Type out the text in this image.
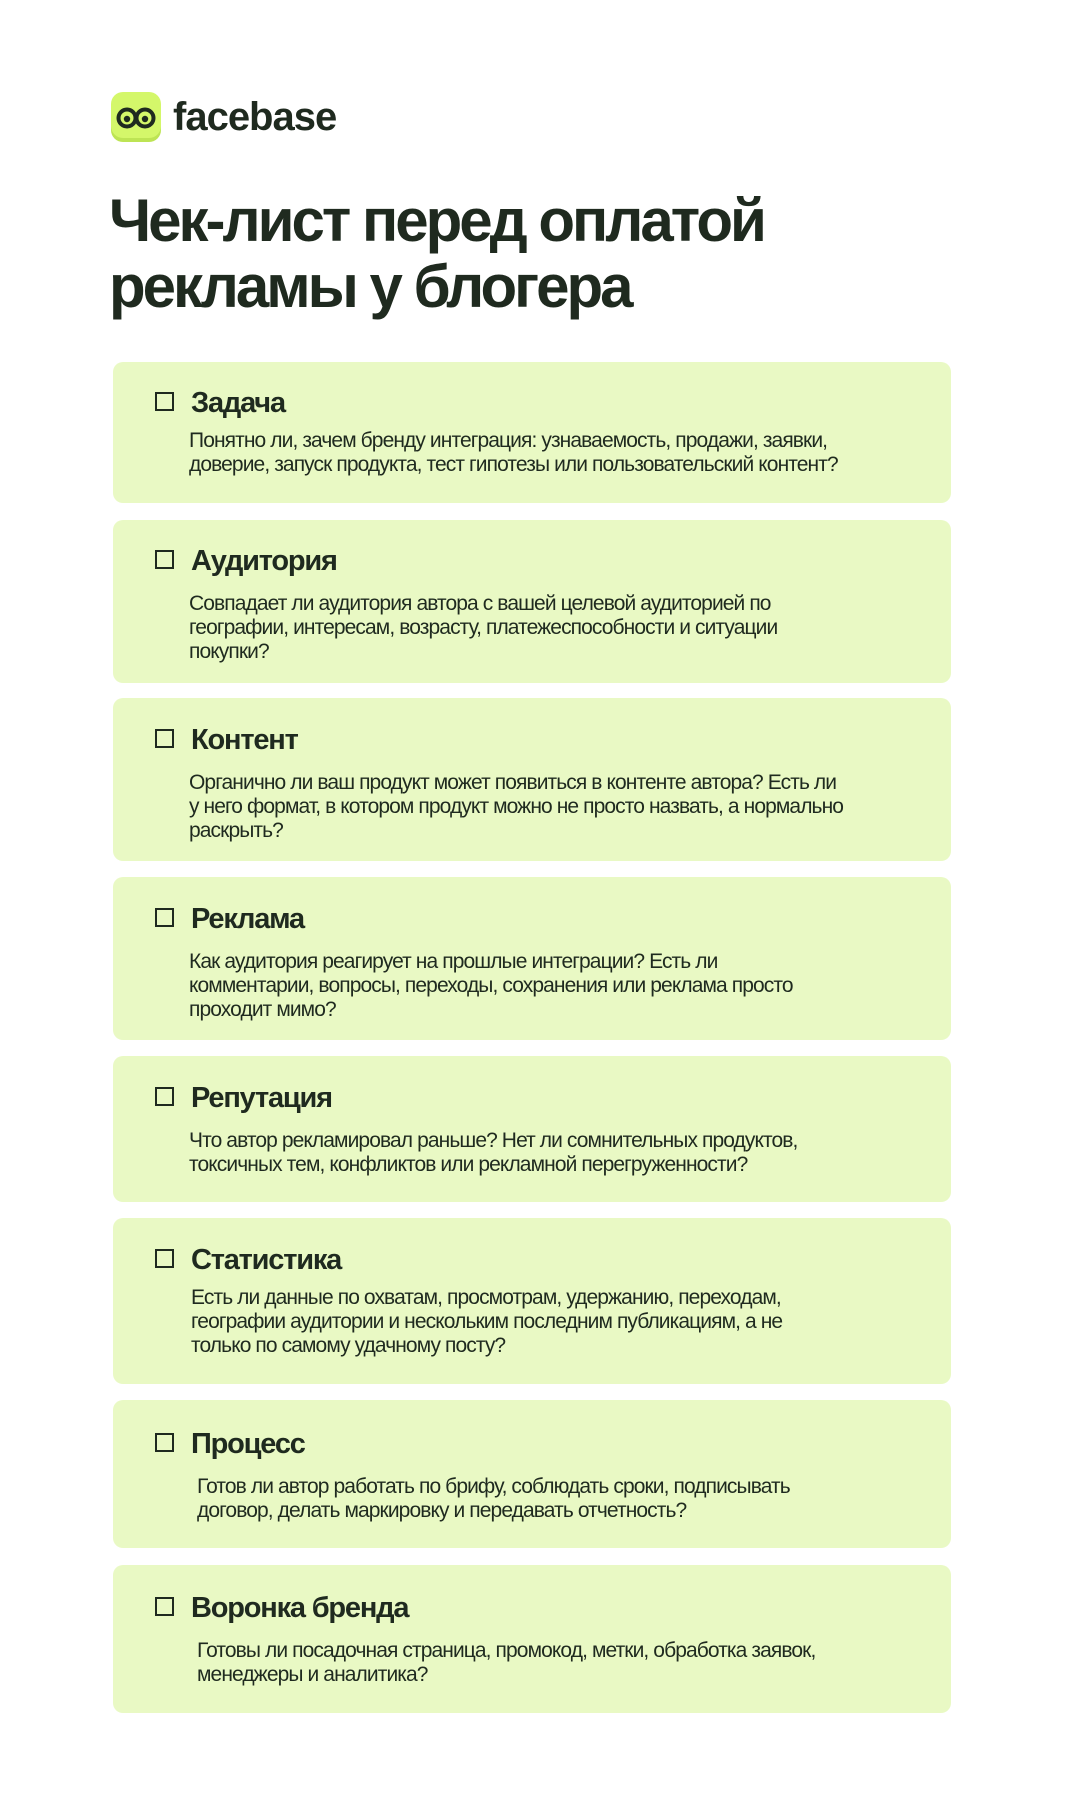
facebase
Чек-лист перед оплатой
рекламы у блогера
Задача
Понятно ли, зачем бренду интеграция: узнаваемость, продажи, заявки,
доверие, запуск продукта, тест гипотезы или пользовательский контент?
Аудитория
Совпадает ли аудитория автора с вашей целевой аудиторией по
географии, интересам, возрасту, платежеспособности и ситуации
покупки?
Контент
Органично ли ваш продукт может появиться в контенте автора? Есть ли
у него формат, в котором продукт можно не просто назвать, а нормально
раскрыть?
Реклама
Как аудитория реагирует на прошлые интеграции? Есть ли
комментарии, вопросы, переходы, сохранения или реклама просто
проходит мимо?
Репутация
Что автор рекламировал раньше? Нет ли сомнительных продуктов,
токсичных тем, конфликтов или рекламной перегруженности?
Статистика
Есть ли данные по охватам, просмотрам, удержанию, переходам,
географии аудитории и нескольким последним публикациям, а не
только по самому удачному посту?
Процесс
Готов ли автор работать по брифу, соблюдать сроки, подписывать
договор, делать маркировку и передавать отчетность?
Воронка бренда
Готовы ли посадочная страница, промокод, метки, обработка заявок,
менеджеры и аналитика?
